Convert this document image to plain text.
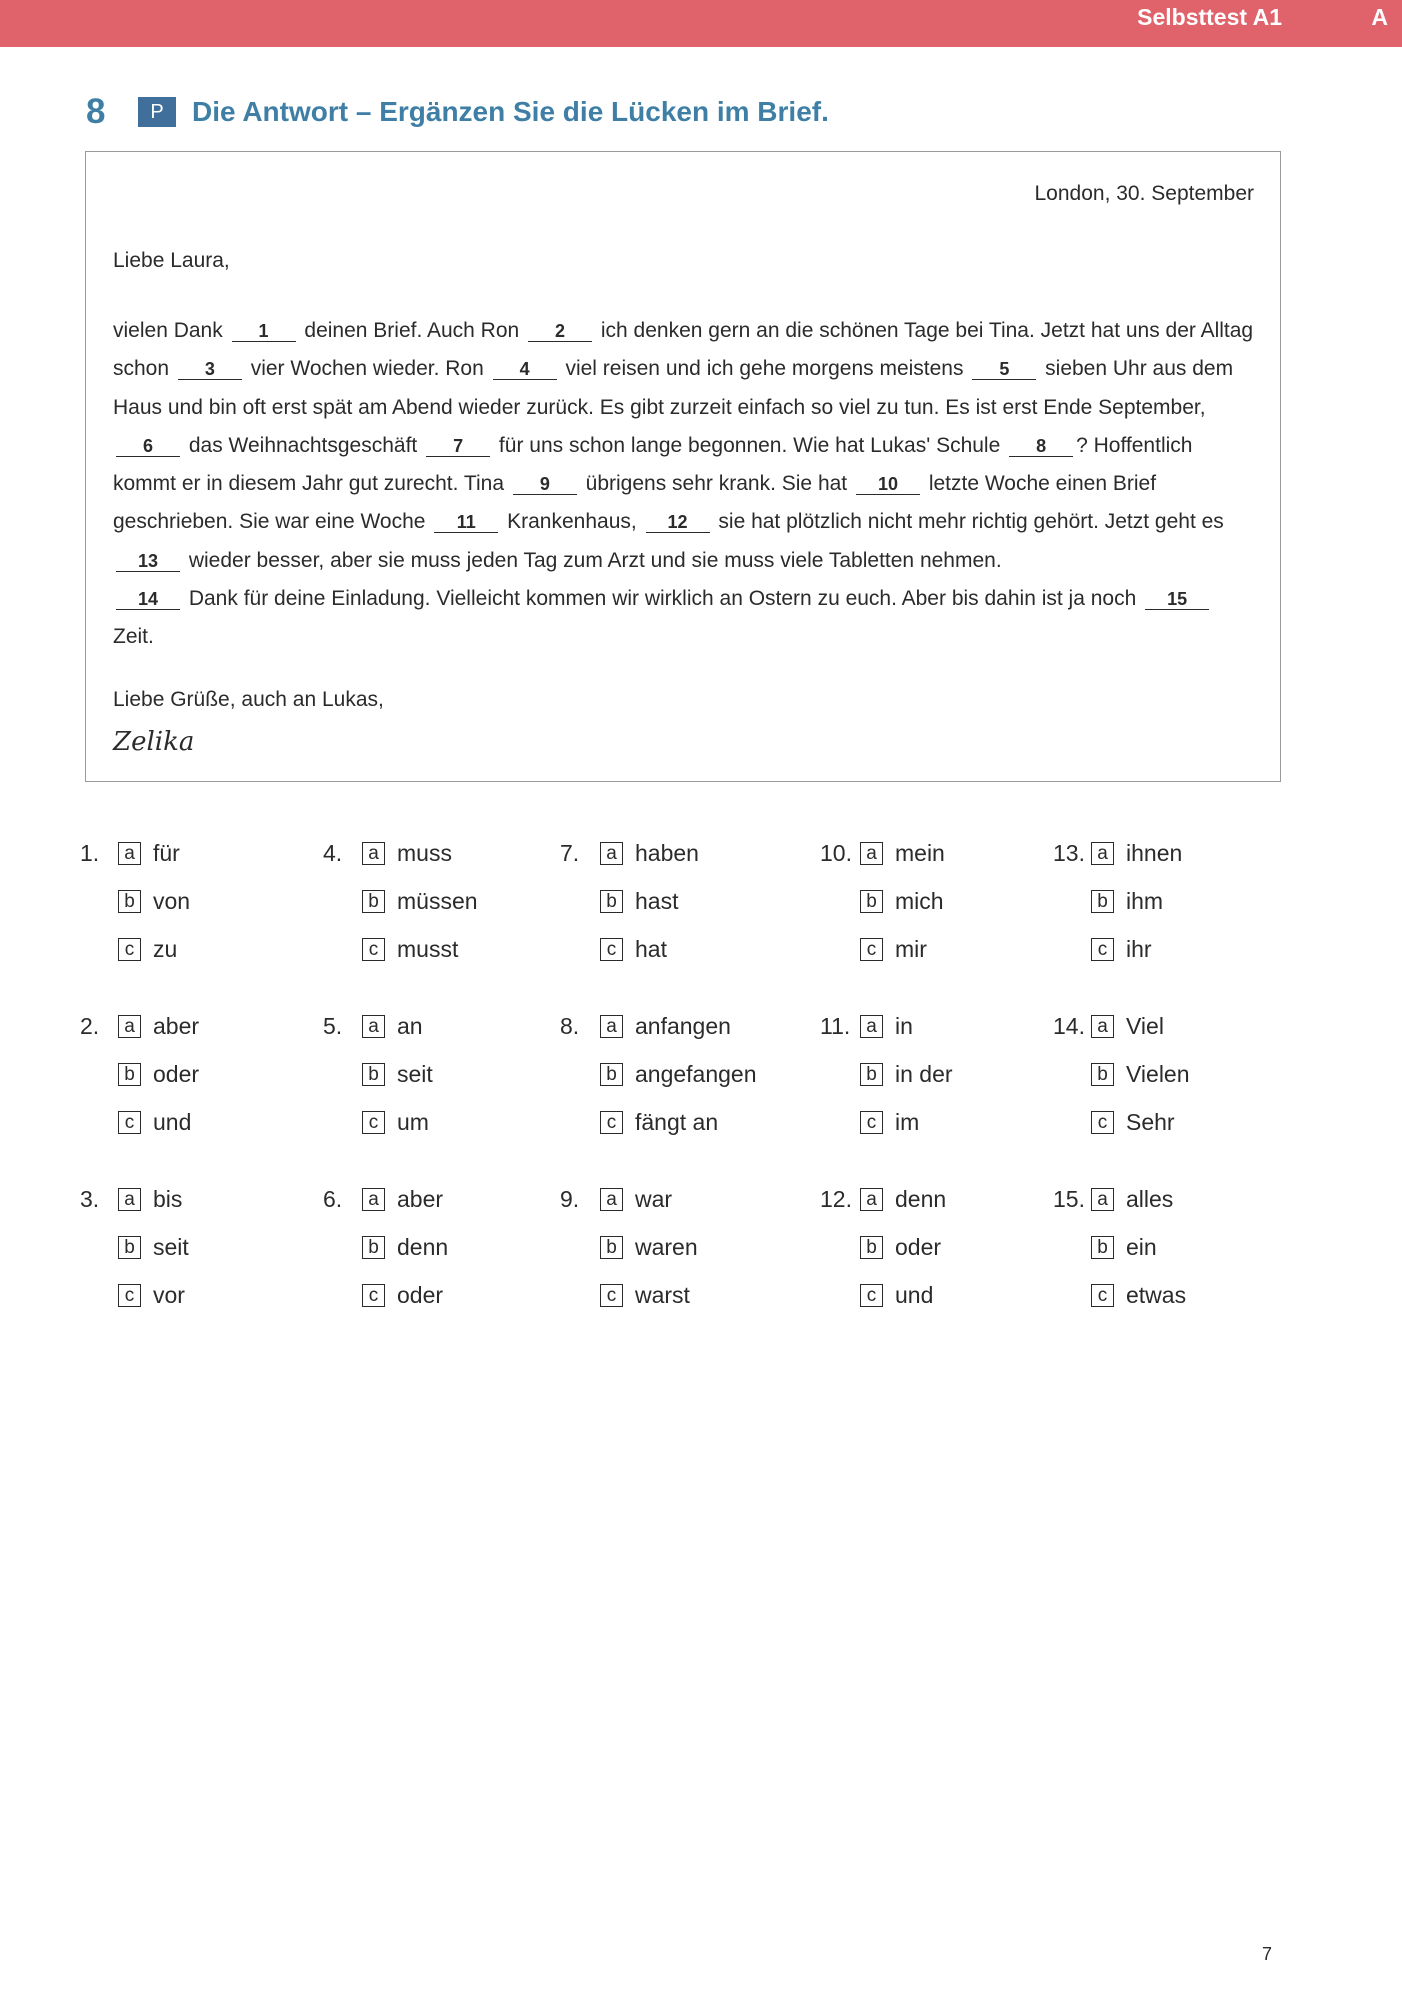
Selbsttest A1	A
8	P	Die Antwort – Ergänzen Sie die Lücken im Brief.
London, 30. September
Liebe Laura,
vielen Dank 1 deinen Brief. Auch Ron 2 ich denken gern an die schönen Tage bei Tina. Jetzt hat uns der Alltag schon 3 vier Wochen wieder. Ron 4 viel reisen und ich gehe morgens meistens 5 sieben Uhr aus dem Haus und bin oft erst spät am Abend wieder zurück. Es gibt zurzeit einfach so viel zu tun. Es ist erst Ende September, 6 das Weihnachtsgeschäft 7 für uns schon lange begonnen. Wie hat Lukas' Schule 8 ? Hoffentlich kommt er in diesem Jahr gut zurecht. Tina 9 übrigens sehr krank. Sie hat 10 letzte Woche einen Brief geschrieben. Sie war eine Woche 11 Krankenhaus, 12 sie hat plötzlich nicht mehr richtig gehört. Jetzt geht es 13 wieder besser, aber sie muss jeden Tag zum Arzt und sie muss viele Tabletten nehmen.
14 Dank für deine Einladung. Vielleicht kommen wir wirklich an Ostern zu euch. Aber bis dahin ist ja noch 15 Zeit.
Liebe Grüße, auch an Lukas,
Zelika
1.	a für
b von
c zu
2.	a aber
b oder
c und
3.	a bis
b seit
c vor
4.	a muss
b müssen
c musst
5.	a an
b seit
c um
6.	a aber
b denn
c oder
7.	a haben
b hast
c hat
8.	a anfangen
b angefangen
c fängt an
9.	a war
b waren
c warst
10. a mein
b mich
c mir
11. a in
b in der
c im
12. a denn
b oder
c und
13. a ihnen
b ihm
c ihr
14. a Viel
b Vielen
c Sehr
15. a alles
b ein
c etwas
7
